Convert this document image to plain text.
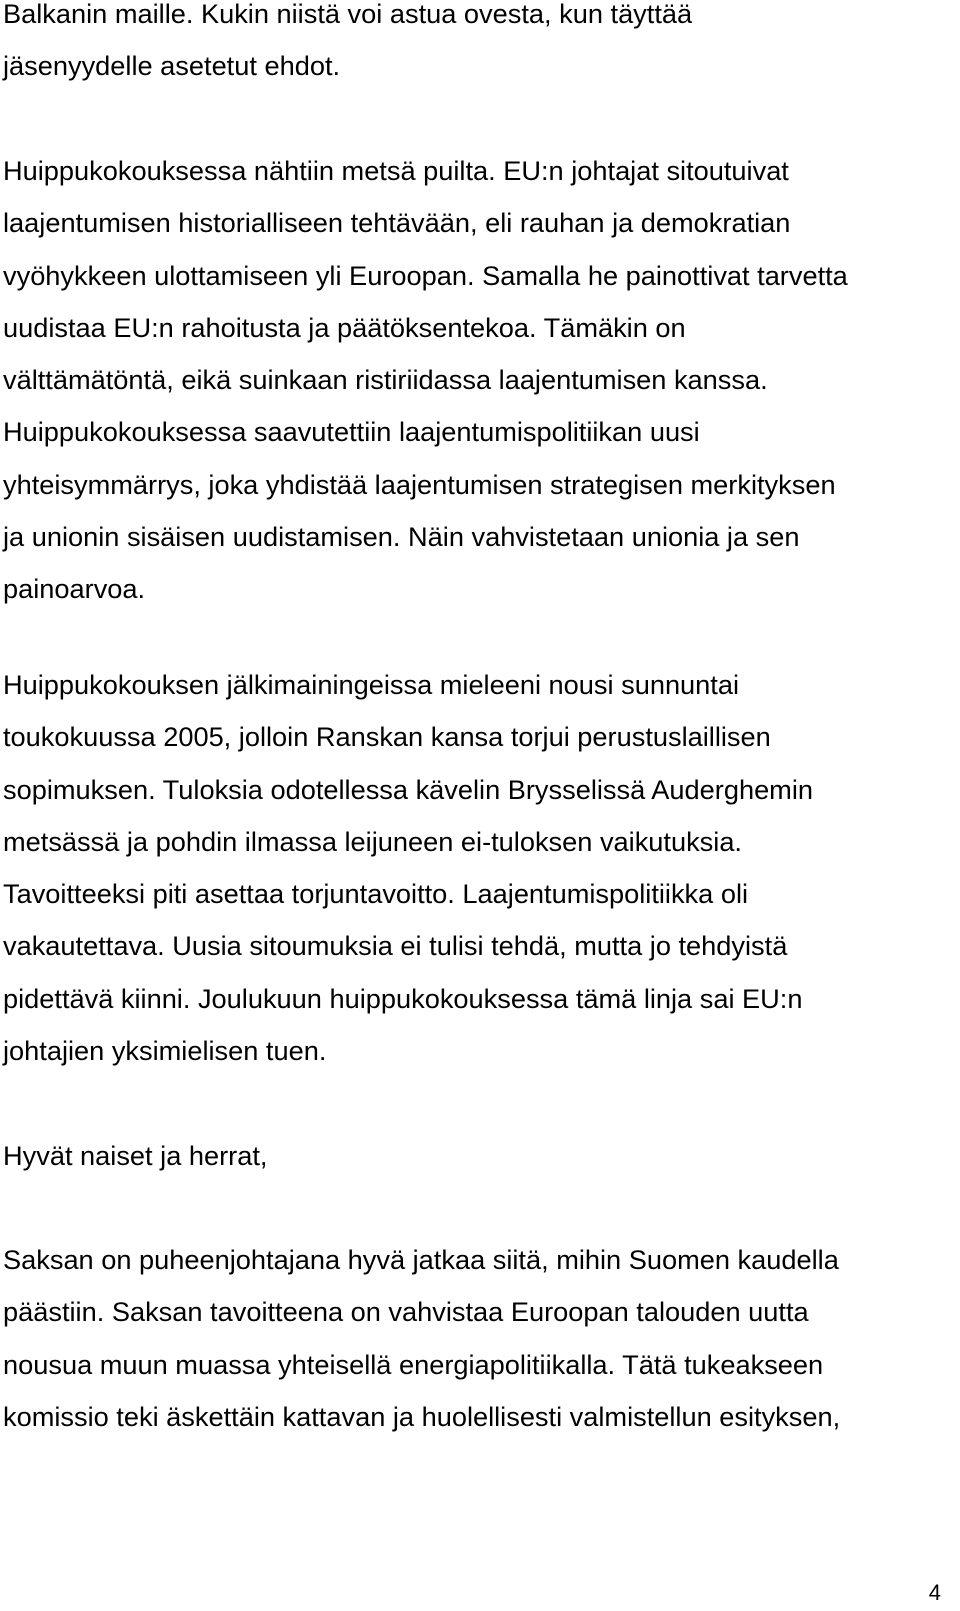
Balkanin maille. Kukin niistä voi astua ovesta, kun täyttää
jäsenyydelle asetetut ehdot.

Huippukokouksessa nähtiin metsä puilta. EU:n johtajat sitoutuivat
laajentumisen historialliseen tehtävään, eli rauhan ja demokratian
vyöhykkeen ulottamiseen yli Euroopan. Samalla he painottivat tarvetta
uudistaa EU:n rahoitusta ja päätöksentekoa. Tämäkin on
välttämätöntä, eikä suinkaan ristiriidassa laajentumisen kanssa.
Huippukokouksessa saavutettiin laajentumispolitiikan uusi
yhteisymmärrys, joka yhdistää laajentumisen strategisen merkityksen
ja unionin sisäisen uudistamisen. Näin vahvistetaan unionia ja sen
painoarvoa.

Huippukokouksen jälkimainingeissa mieleeni nousi sunnuntai
toukokuussa 2005, jolloin Ranskan kansa torjui perustuslaillisen
sopimuksen. Tuloksia odotellessa kävelin Brysselissä Auderghemin
metsässä ja pohdin ilmassa leijuneen ei-tuloksen vaikutuksia.
Tavoitteeksi piti asettaa torjuntavoitto. Laajentumispolitiikka oli
vakautettava. Uusia sitoumuksia ei tulisi tehdä, mutta jo tehdyistä
pidettävä kiinni. Joulukuun huippukokouksessa tämä linja sai EU:n
johtajien yksimielisen tuen.

Hyvät naiset ja herrat,

Saksan on puheenjohtajana hyvä jatkaa siitä, mihin Suomen kaudella
päästiin. Saksan tavoitteena on vahvistaa Euroopan talouden uutta
nousua muun muassa yhteisellä energiapolitiikalla. Tätä tukeakseen
komissio teki äskettäin kattavan ja huolellisesti valmistellun esityksen,

4
